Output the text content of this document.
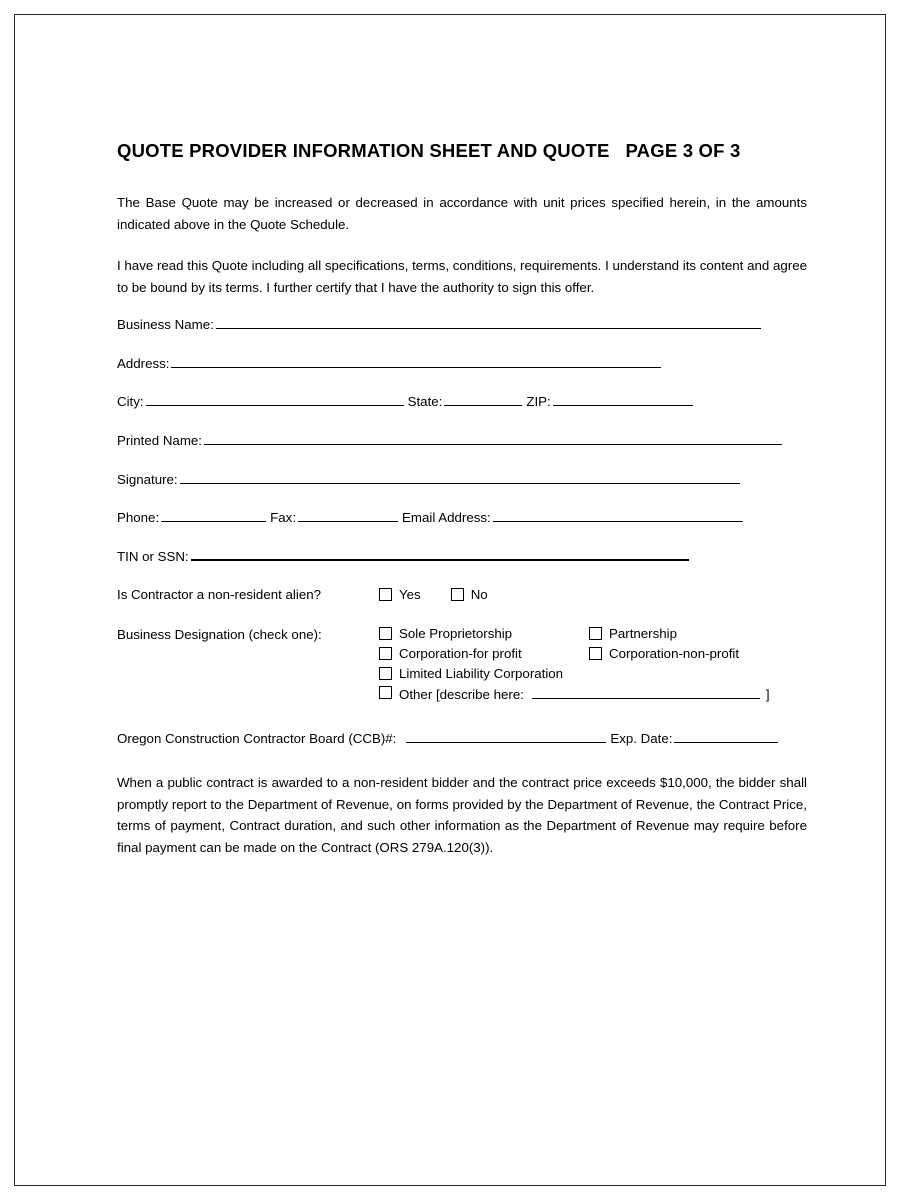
QUOTE PROVIDER INFORMATION SHEET AND QUOTE   PAGE 3 OF 3

The Base Quote may be increased or decreased in accordance with unit prices specified herein, in the amounts indicated above in the Quote Schedule.

I have read this Quote including all specifications, terms, conditions, requirements. I understand its content and agree to be bound by its terms. I further certify that I have the authority to sign this offer.

Business Name:
Address:
City:	State:	ZIP:
Printed Name:
Signature:
Phone:	Fax:	Email Address:
TIN or SSN:
Is Contractor a non-resident alien?	Yes	No
Business Designation (check one):	Sole Proprietorship	Partnership
Corporation-for profit	Corporation-non-profit
Limited Liability Corporation
Other [describe here:	]
Oregon Construction Contractor Board (CCB)#:	Exp. Date:

When a public contract is awarded to a non-resident bidder and the contract price exceeds $10,000, the bidder shall promptly report to the Department of Revenue, on forms provided by the Department of Revenue, the Contract Price, terms of payment, Contract duration, and such other information as the Department of Revenue may require before final payment can be made on the Contract (ORS 279A.120(3)).
